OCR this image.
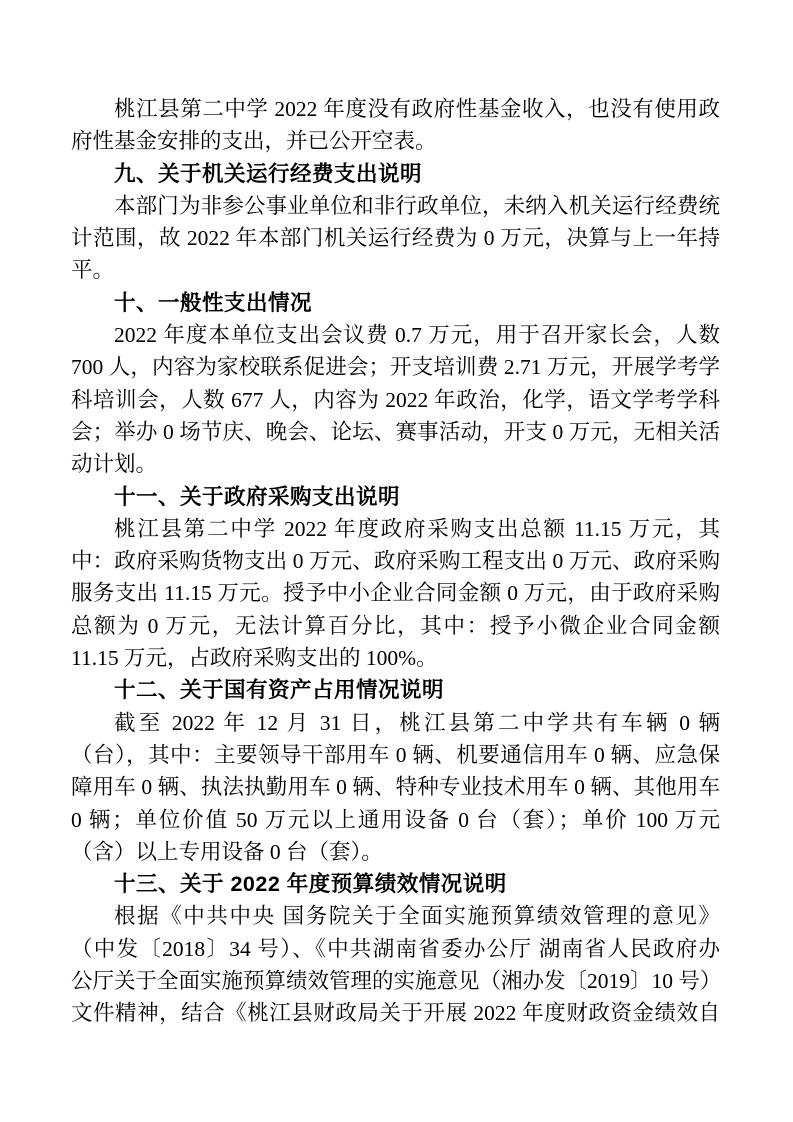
桃江县第二中学 2022 年度没有政府性基金收入，也没有使用政
府性基金安排的支出，并已公开空表。
九、关于机关运行经费支出说明
本部门为非参公事业单位和非行政单位，未纳入机关运行经费统
计范围，故 2022 年本部门机关运行经费为 0 万元，决算与上一年持
平。
十、一般性支出情况
2022 年度本单位支出会议费 0.7 万元，用于召开家长会，人数
700 人，内容为家校联系促进会；开支培训费 2.71 万元，开展学考学
科培训会，人数 677 人，内容为 2022 年政治，化学，语文学考学科
会；举办 0 场节庆、晚会、论坛、赛事活动，开支 0 万元，无相关活
动计划。
十一、关于政府采购支出说明
桃江县第二中学 2022 年度政府采购支出总额 11.15 万元，其
中：政府采购货物支出 0 万元、政府采购工程支出 0 万元、政府采购
服务支出 11.15 万元。授予中小企业合同金额 0 万元，由于政府采购
总额为 0 万元，无法计算百分比，其中：授予小微企业合同金额
11.15 万元，占政府采购支出的 100%。
十二、关于国有资产占用情况说明
截至 2022 年 12 月 31 日，桃江县第二中学共有车辆 0 辆
（台），其中：主要领导干部用车 0 辆、机要通信用车 0 辆、应急保
障用车 0 辆、执法执勤用车 0 辆、特种专业技术用车 0 辆、其他用车
0 辆；单位价值 50 万元以上通用设备 0 台（套）；单价 100 万元
（含）以上专用设备 0 台（套）。
十三、关于 2022 年度预算绩效情况说明
根据《中共中央 国务院关于全面实施预算绩效管理的意见》
（中发〔2018〕34 号）、《中共湖南省委办公厅 湖南省人民政府办
公厅关于全面实施预算绩效管理的实施意见（湘办发〔2019〕10 号）
文件精神，结合《桃江县财政局关于开展 2022 年度财政资金绩效自
